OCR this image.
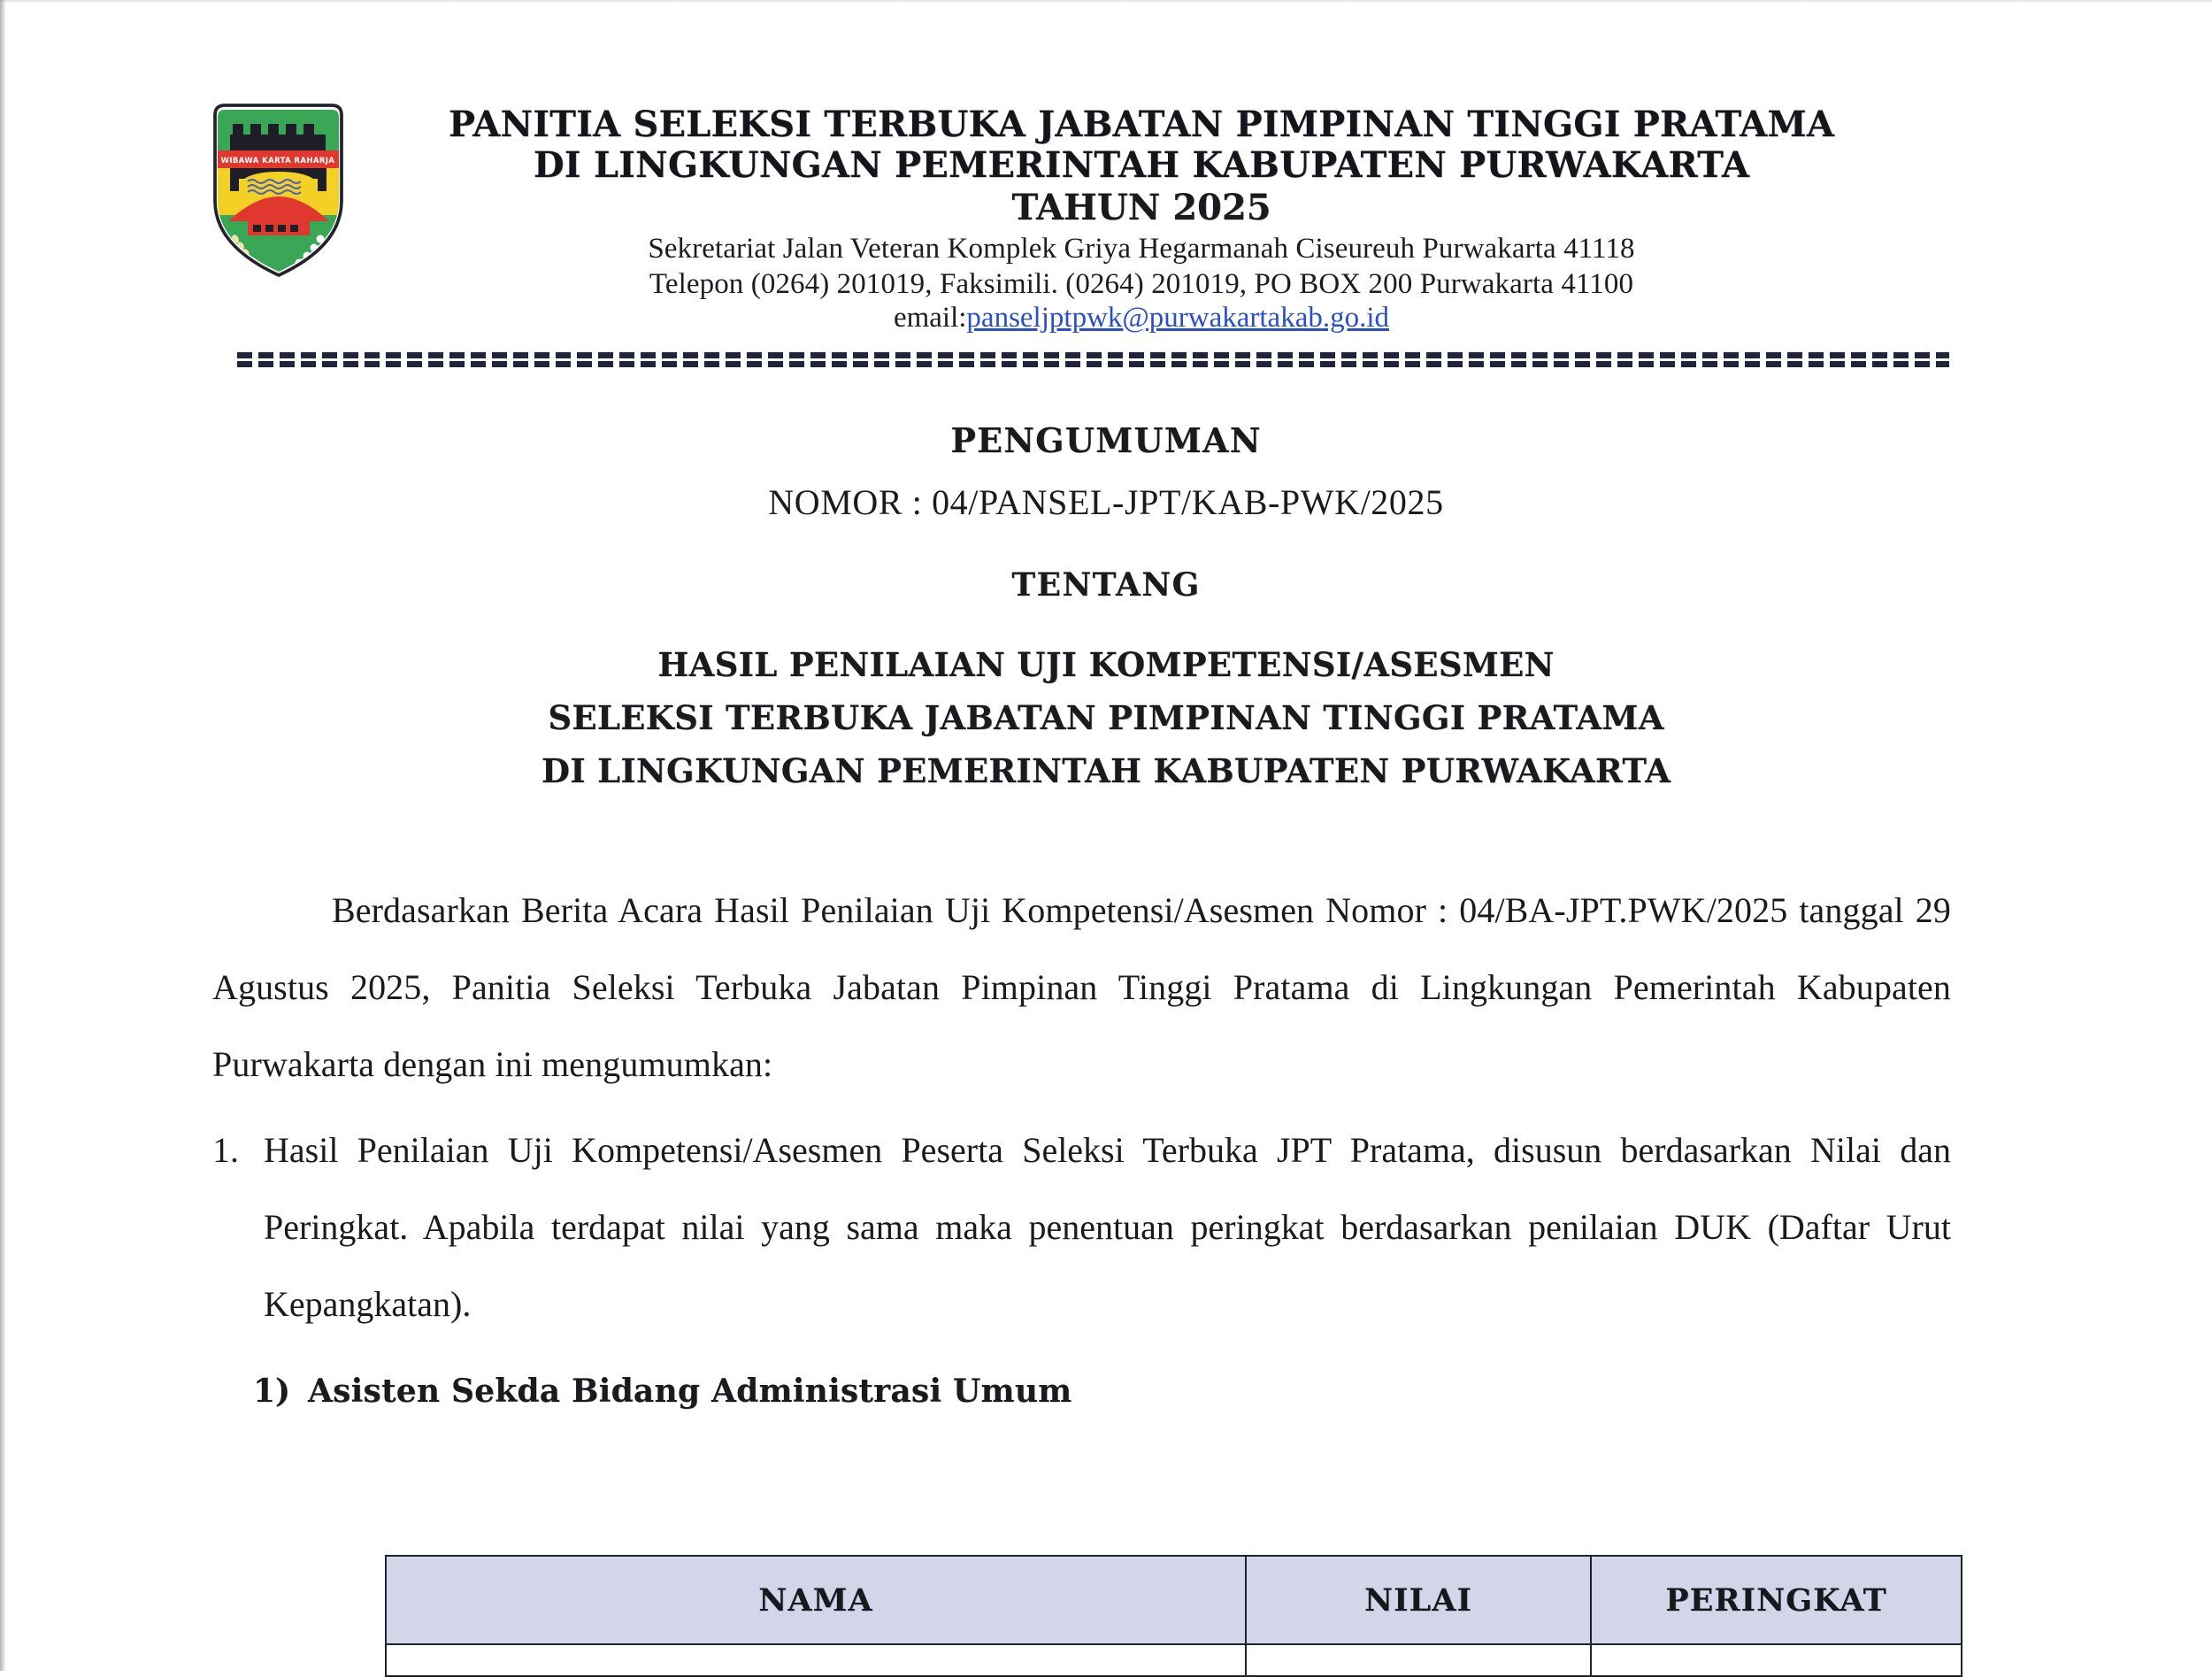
WIBAWA KARTA RAHARJA
PANITIA SELEKSI TERBUKA JABATAN PIMPINAN TINGGI PRATAMA
DI LINGKUNGAN PEMERINTAH KABUPATEN PURWAKARTA
TAHUN 2025
Sekretariat Jalan Veteran Komplek Griya Hegarmanah Ciseureuh Purwakarta 41118
Telepon (0264) 201019, Faksimili. (0264) 201019, PO BOX 200 Purwakarta 41100
email:panseljptpwk@purwakartakab.go.id
PENGUMUMAN
NOMOR : 04/PANSEL-JPT/KAB-PWK/2025
TENTANG
HASIL PENILAIAN UJI KOMPETENSI/ASESMEN
SELEKSI TERBUKA JABATAN PIMPINAN TINGGI PRATAMA
DI LINGKUNGAN PEMERINTAH KABUPATEN PURWAKARTA
Berdasarkan Berita Acara Hasil Penilaian Uji Kompetensi/Asesmen Nomor : 04/BA-JPT.PWK/2025 tanggal 29 Agustus 2025, Panitia Seleksi Terbuka Jabatan Pimpinan Tinggi Pratama di Lingkungan Pemerintah Kabupaten Purwakarta dengan ini mengumumkan:
1. Hasil Penilaian Uji Kompetensi/Asesmen Peserta Seleksi Terbuka JPT Pratama, disusun berdasarkan Nilai dan Peringkat. Apabila terdapat nilai yang sama maka penentuan peringkat berdasarkan penilaian DUK (Daftar Urut Kepangkatan).
1) Asisten Sekda Bidang Administrasi Umum
NAMA	NILAI	PERINGKAT
